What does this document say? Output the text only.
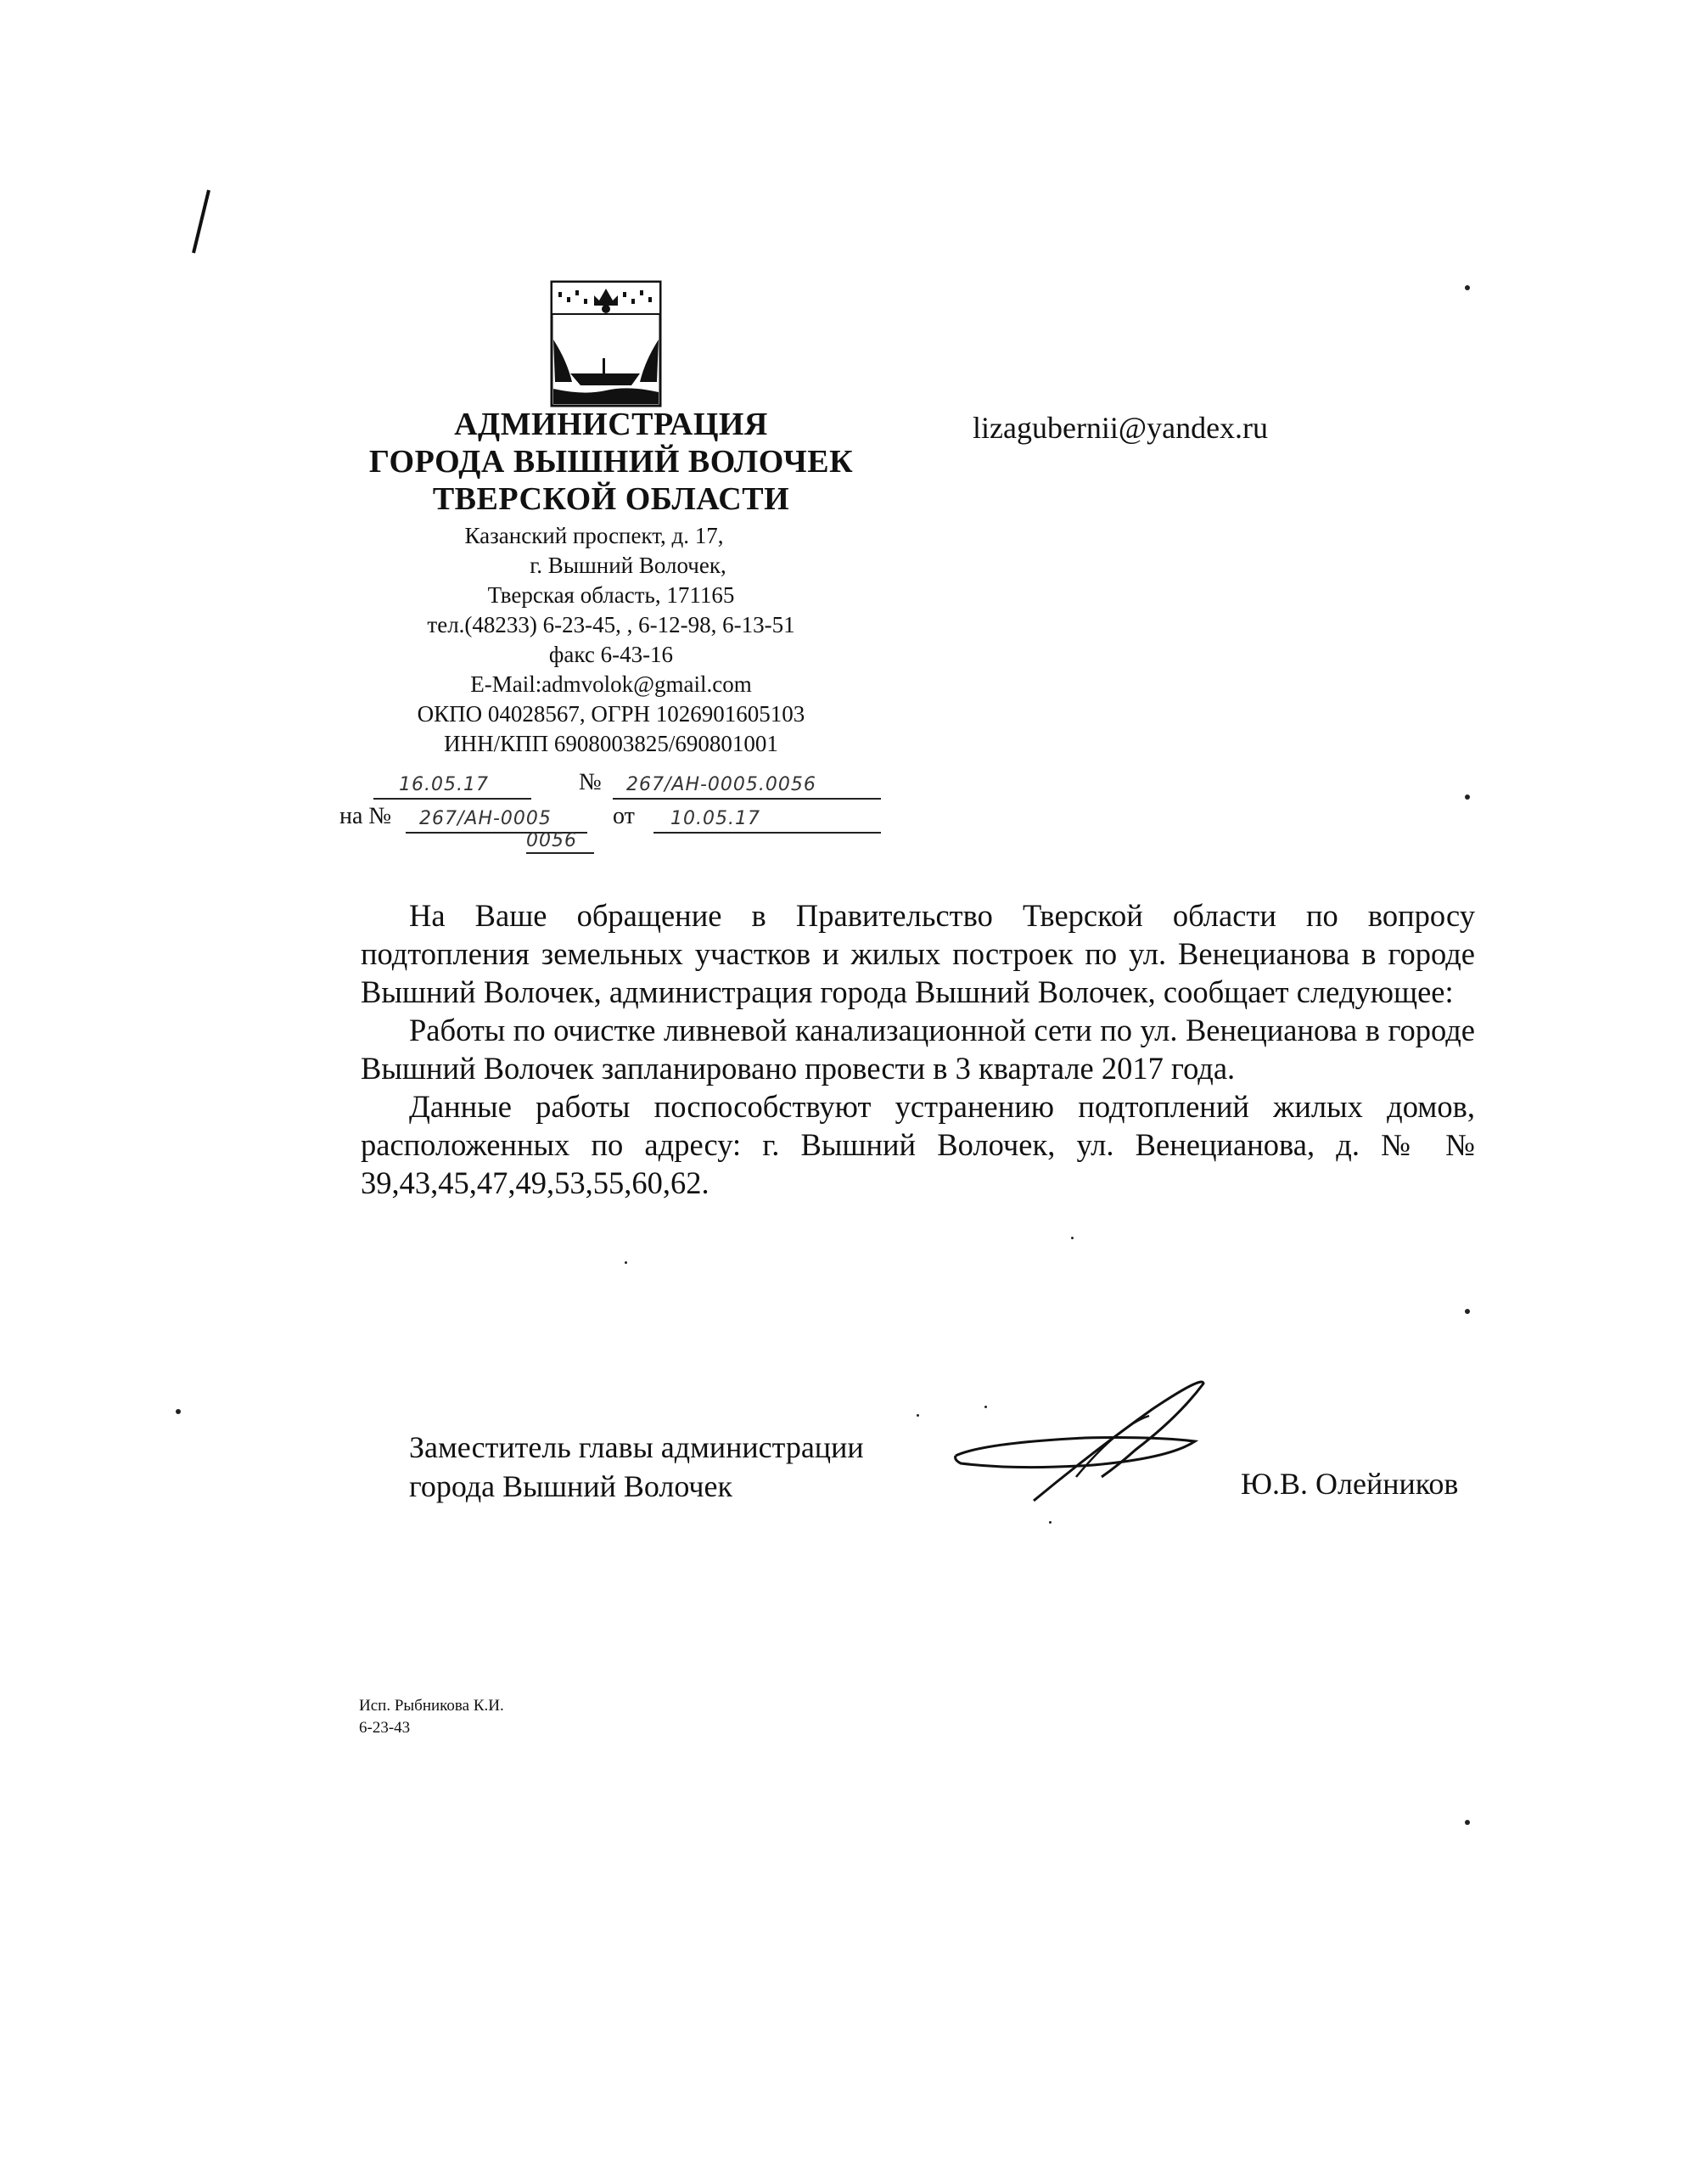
АДМИНИСТРАЦИЯ
ГОРОДА ВЫШНИЙ ВОЛОЧЕК
ТВЕРСКОЙ ОБЛАСТИ
lizagubernii@yandex.ru
Казанский проспект, д. 17,
г. Вышний Волочек,
Тверская область, 171165
тел.(48233) 6-23-45, , 6-12-98, 6-13-51
факс 6-43-16
E-Mail:admvolok@gmail.com
ОКПО 04028567, ОГРН 1026901605103
ИНН/КПП 6908003825/690801001
16.05.17	№ 267/АН-0005.0056
на № 267/АН-0005
0056
от 10.05.17

На Ваше обращение в Правительство Тверской области по вопросу подтопления земельных участков и жилых построек по ул. Венецианова в городе Вышний Волочек, администрация города Вышний Волочек, сообщает следующее:

Работы по очистке ливневой канализационной сети по ул. Венецианова в городе Вышний Волочек запланировано провести в 3 квартале 2017 года.

Данные работы поспособствуют устранению подтоплений жилых домов, расположенных по адресу: г. Вышний Волочек, ул. Венецианова, д. № № 39,43,45,47,49,53,55,60,62.

Заместитель главы администрации
города Вышний Волочек	Ю.В. Олейников
Исп. Рыбникова К.И.
6-23-43
